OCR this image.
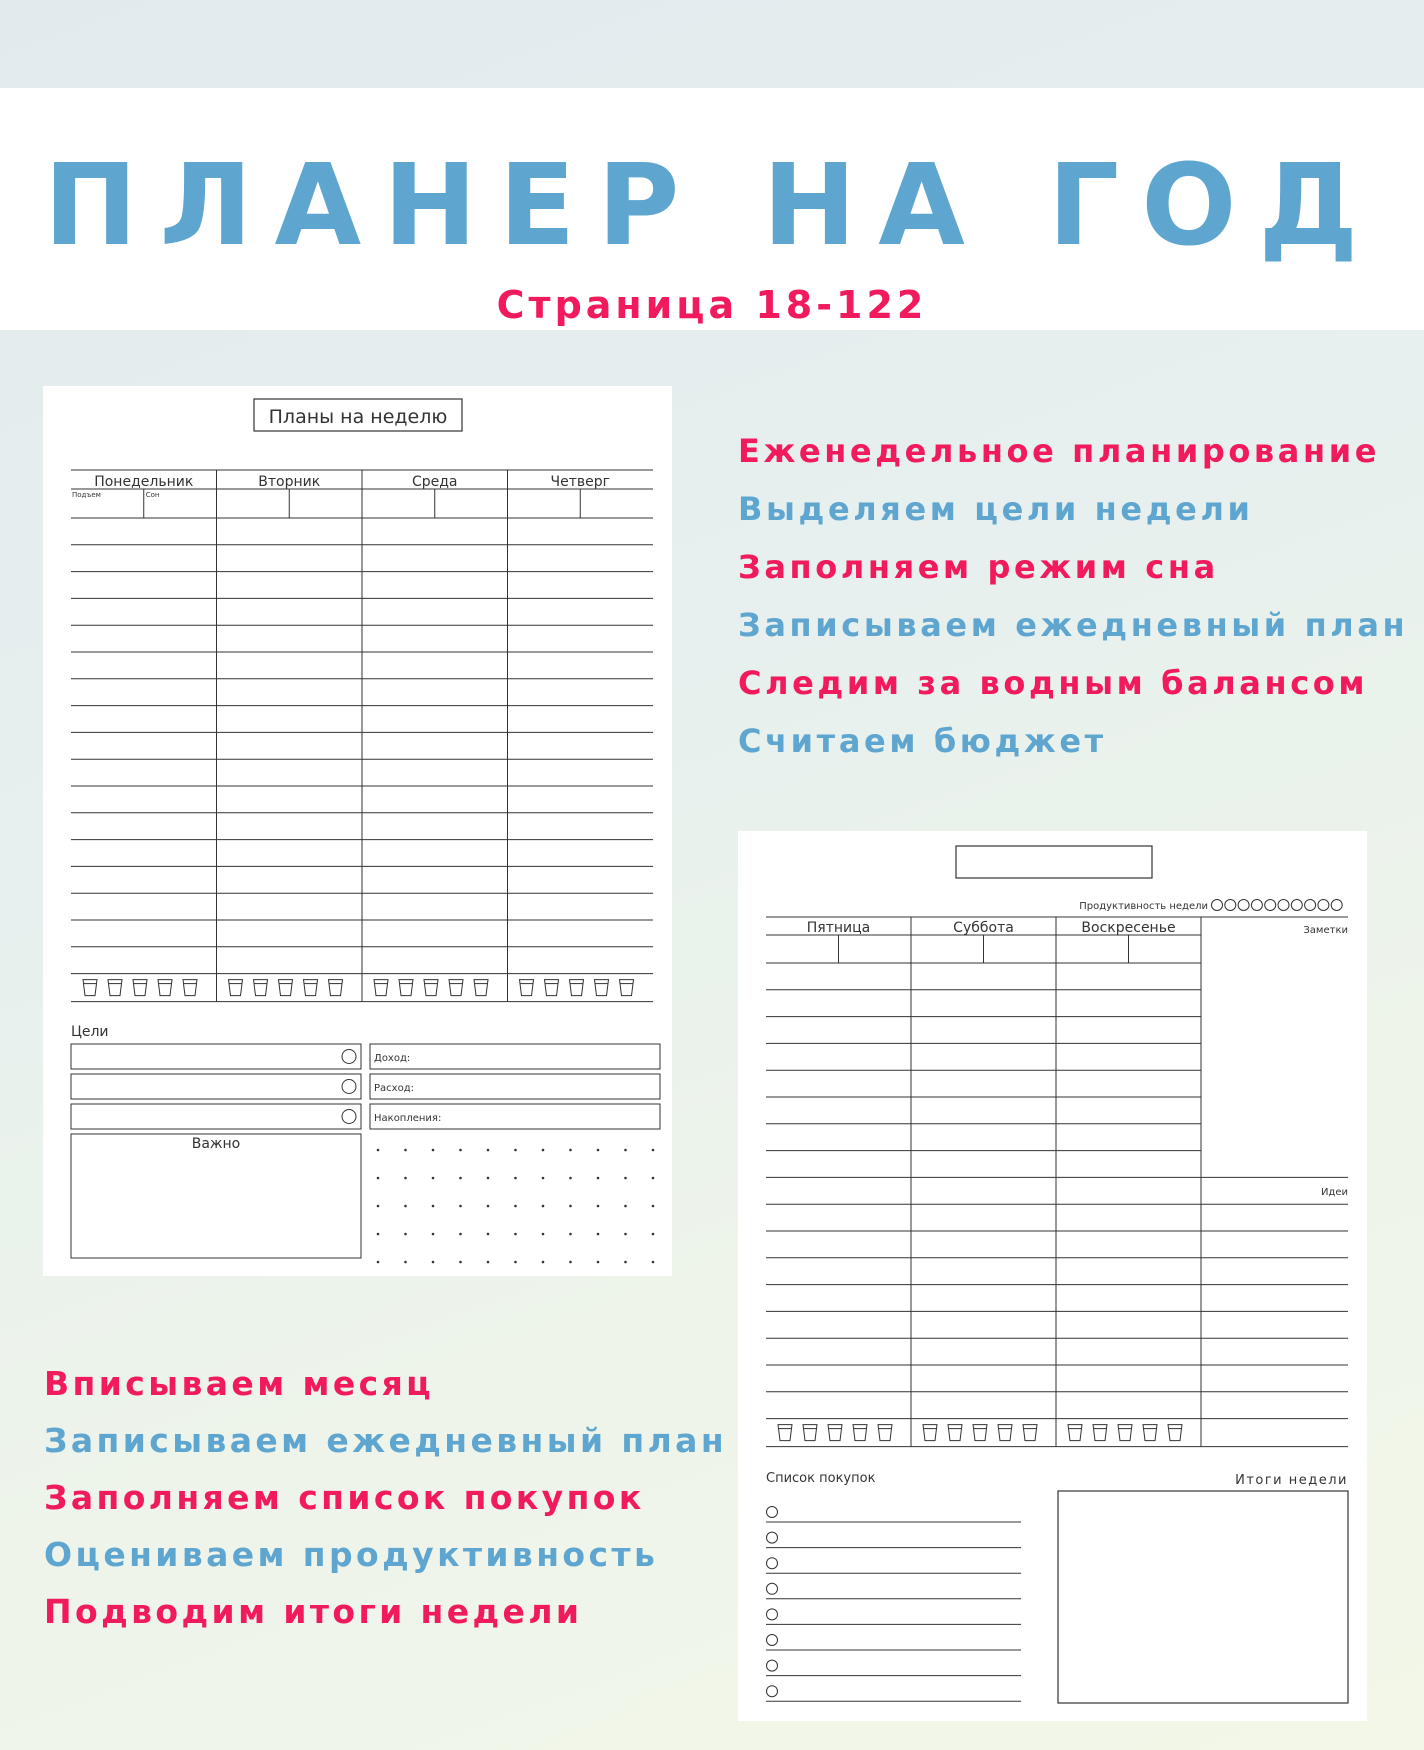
ПЛАНЕР НА ГОД
Страница 18-122
Еженедельное планирование
Выделяем цели недели
Заполняем режим сна
Записываем ежедневный план
Следим за водным балансом
Считаем бюджет
Вписываем месяц
Записываем ежедневный план
Заполняем список покупок
Оцениваем продуктивность
Подводим итоги недели
Планы на неделю
Понедельник	Вторник	Среда	Четверг
Подъем	Сон
Цели
Доход:
Расход:
Накопления:
Важно
Продуктивность недели
Пятница	Суббота	Воскресенье	Заметки
Идеи
Список покупок	Итоги недели
